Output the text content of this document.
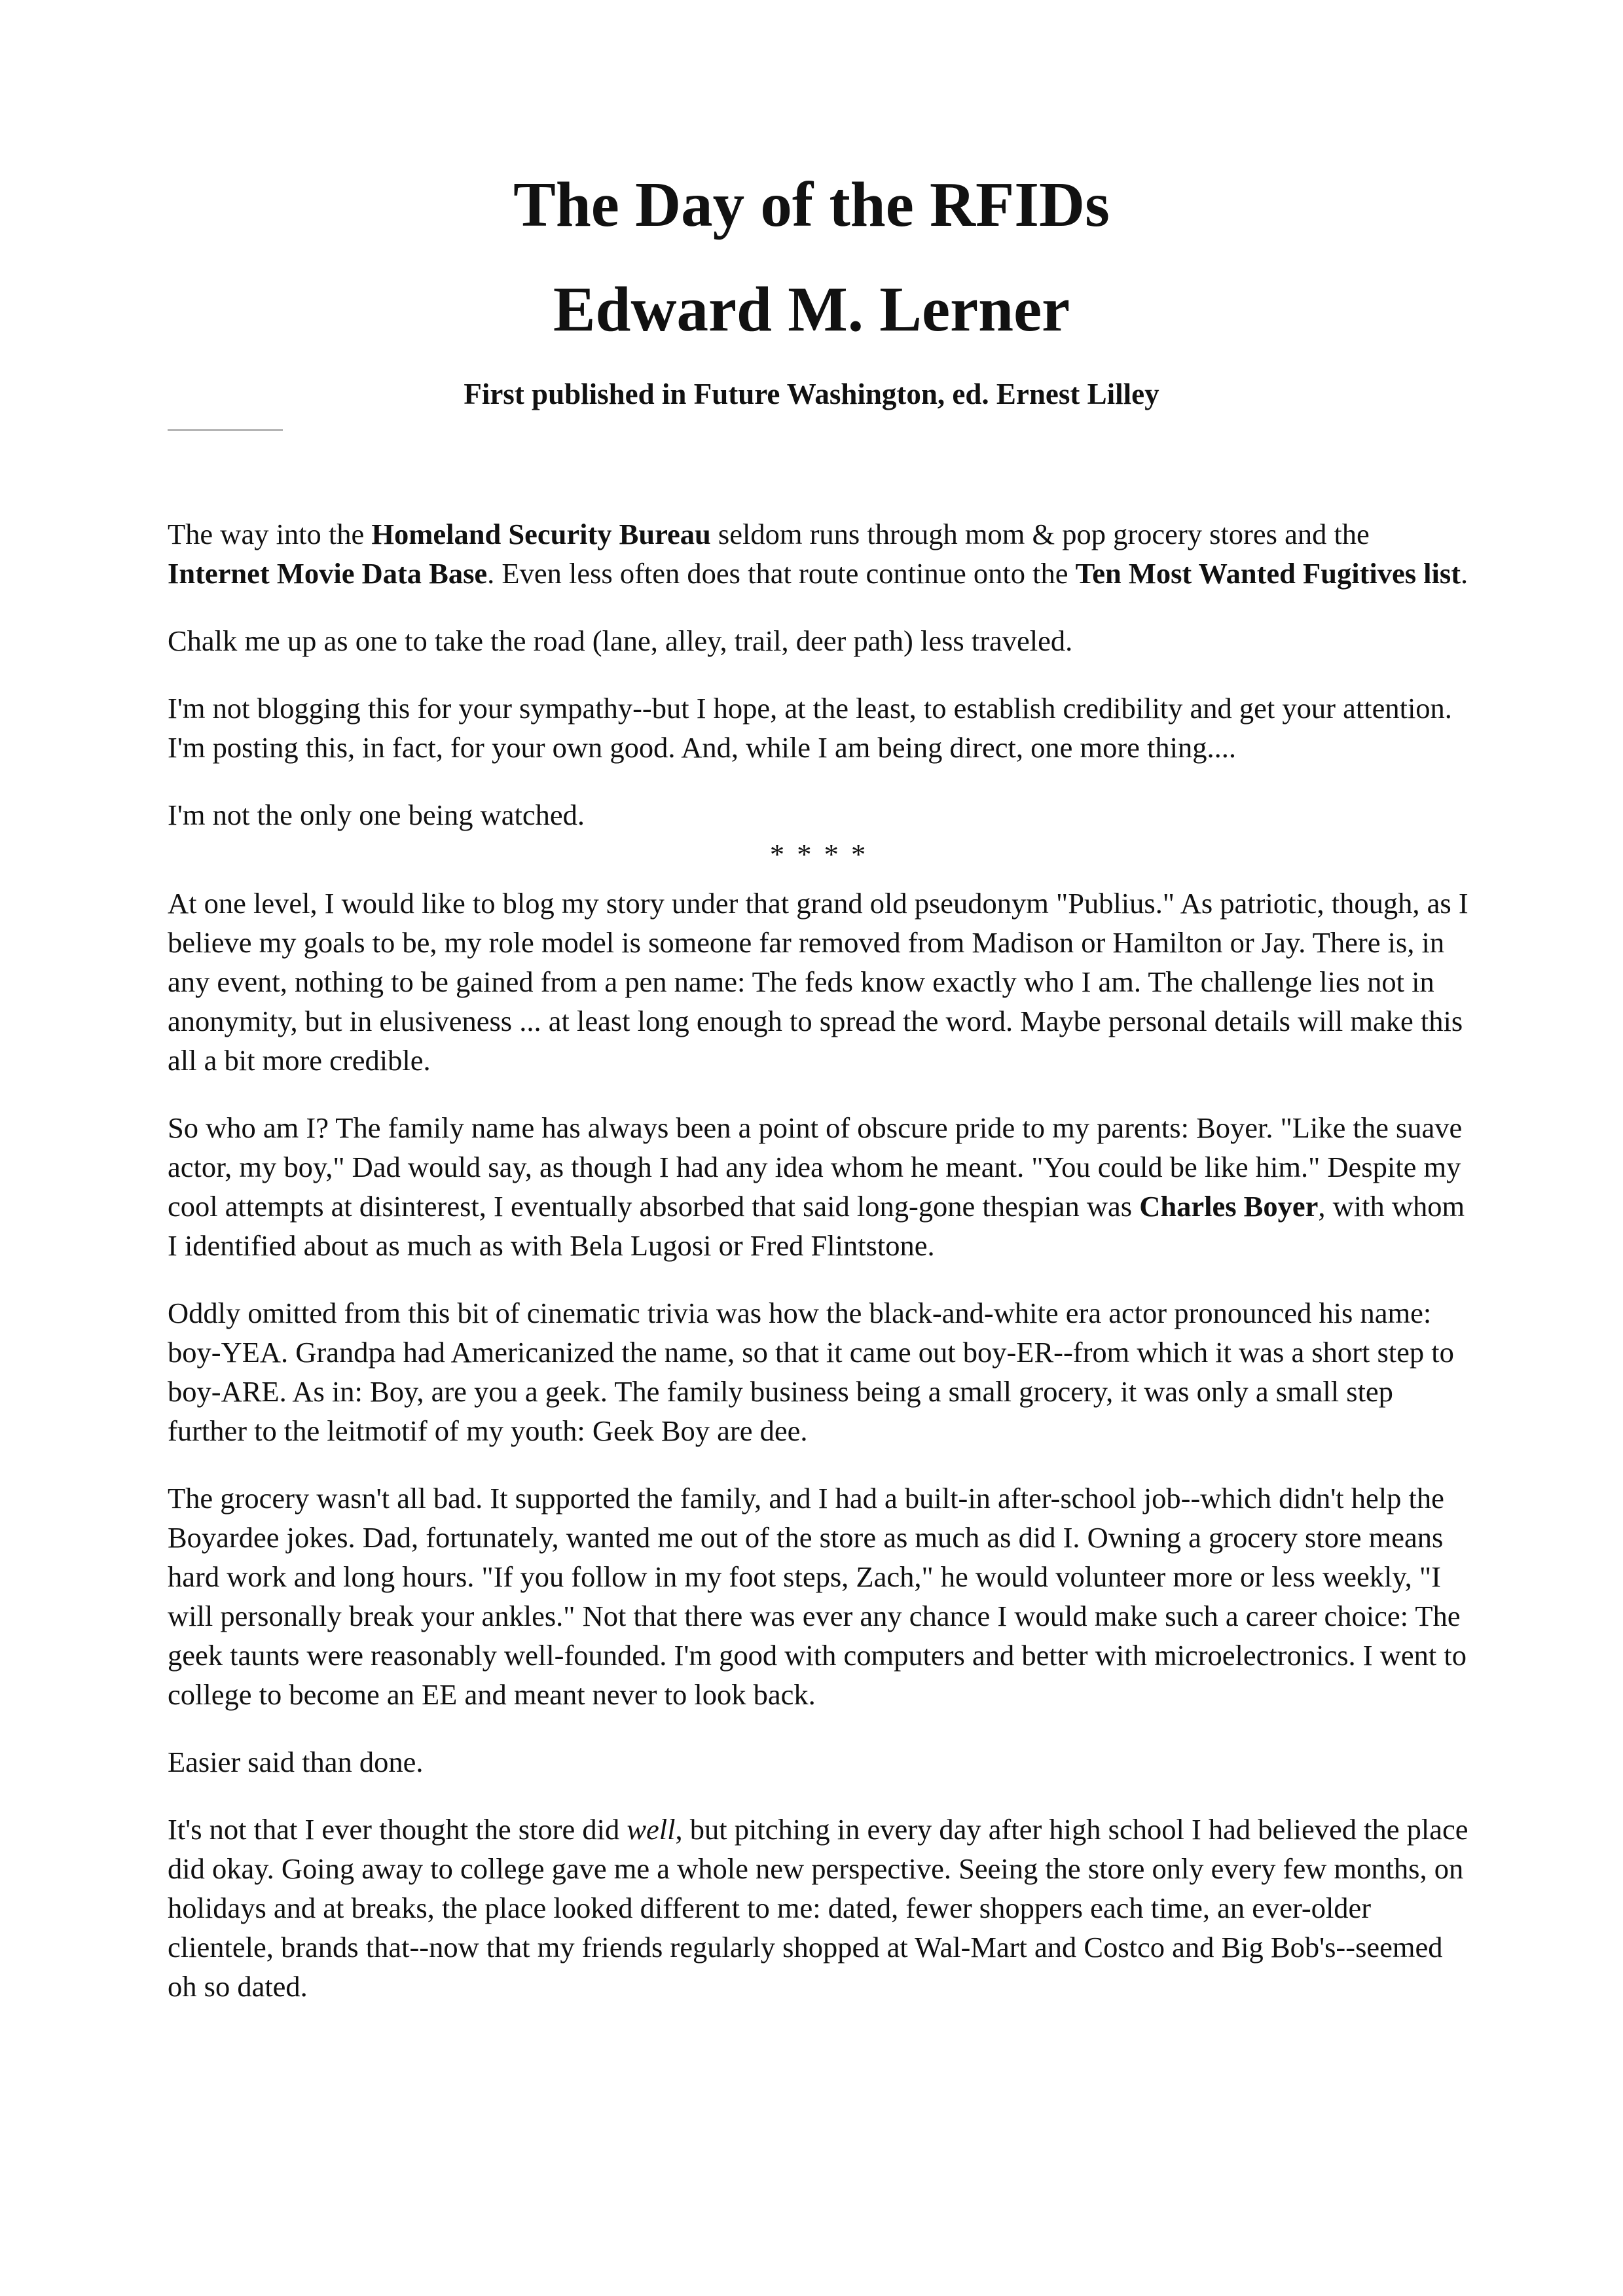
The Day of the RFIDs
Edward M. Lerner
First published in Future Washington, ed. Ernest Lilley

The way into the Homeland Security Bureau seldom runs through mom & pop grocery stores and the Internet Movie Data Base. Even less often does that route continue onto the Ten Most Wanted Fugitives list.

Chalk me up as one to take the road (lane, alley, trail, deer path) less traveled.

I'm not blogging this for your sympathy--but I hope, at the least, to establish credibility and get your attention. I'm posting this, in fact, for your own good. And, while I am being direct, one more thing....

I'm not the only one being watched.

* * * *

At one level, I would like to blog my story under that grand old pseudonym "Publius." As patriotic, though, as I believe my goals to be, my role model is someone far removed from Madison or Hamilton or Jay. There is, in any event, nothing to be gained from a pen name: The feds know exactly who I am. The challenge lies not in anonymity, but in elusiveness ... at least long enough to spread the word. Maybe personal details will make this all a bit more credible.

So who am I? The family name has always been a point of obscure pride to my parents: Boyer. "Like the suave actor, my boy," Dad would say, as though I had any idea whom he meant. "You could be like him." Despite my cool attempts at disinterest, I eventually absorbed that said long-gone thespian was Charles Boyer, with whom I identified about as much as with Bela Lugosi or Fred Flintstone.

Oddly omitted from this bit of cinematic trivia was how the black-and-white era actor pronounced his name: boy-YEA. Grandpa had Americanized the name, so that it came out boy-ER--from which it was a short step to boy-ARE. As in: Boy, are you a geek. The family business being a small grocery, it was only a small step further to the leitmotif of my youth: Geek Boy are dee.

The grocery wasn't all bad. It supported the family, and I had a built-in after-school job--which didn't help the Boyardee jokes. Dad, fortunately, wanted me out of the store as much as did I. Owning a grocery store means hard work and long hours. "If you follow in my foot steps, Zach," he would volunteer more or less weekly, "I will personally break your ankles." Not that there was ever any chance I would make such a career choice: The geek taunts were reasonably well-founded. I'm good with computers and better with microelectronics. I went to college to become an EE and meant never to look back.

Easier said than done.

It's not that I ever thought the store did well, but pitching in every day after high school I had believed the place did okay. Going away to college gave me a whole new perspective. Seeing the store only every few months, on holidays and at breaks, the place looked different to me: dated, fewer shoppers each time, an ever-older clientele, brands that--now that my friends regularly shopped at Wal-Mart and Costco and Big Bob's--seemed oh so dated.
